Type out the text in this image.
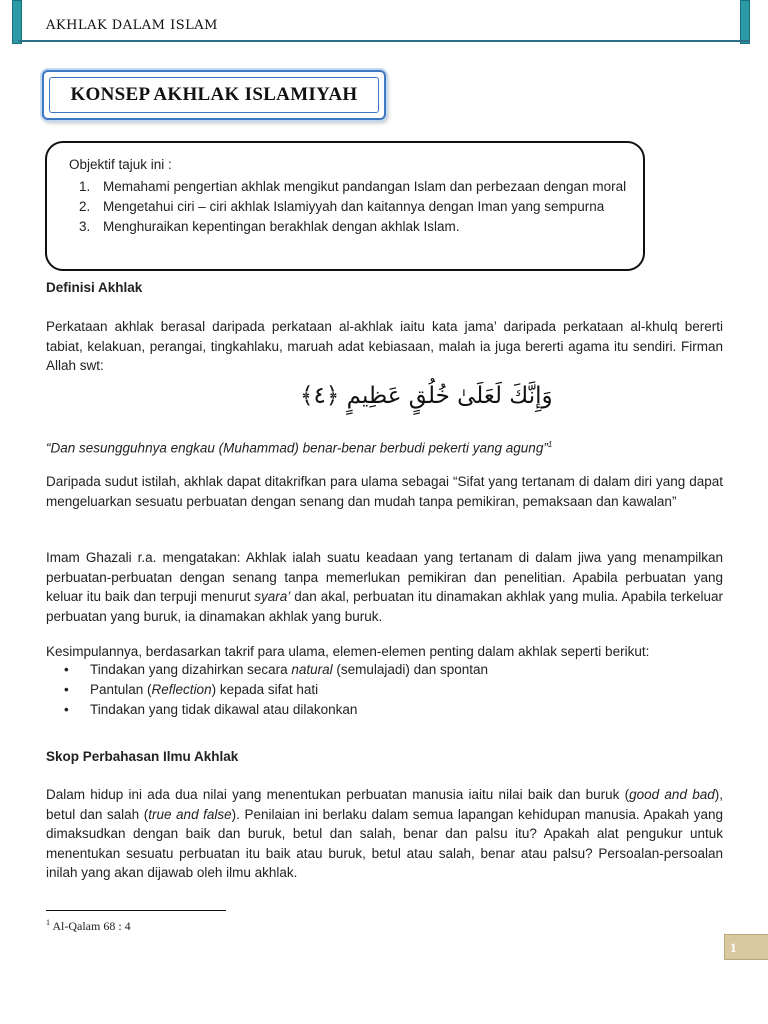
AKHLAK DALAM ISLAM
KONSEP AKHLAK ISLAMIYAH
Objektif tajuk ini :
1. Memahami pengertian akhlak mengikut pandangan Islam dan perbezaan dengan moral
2. Mengetahui ciri – ciri akhlak Islamiyyah dan kaitannya dengan Iman yang sempurna
3. Menghuraikan kepentingan berakhlak dengan akhlak Islam.
Definisi Akhlak
Perkataan akhlak berasal daripada perkataan al-akhlak iaitu kata jama’ daripada perkataan al-khulq bererti tabiat, kelakuan, perangai, tingkahlaku, maruah adat kebiasaan, malah ia juga bererti agama itu sendiri. Firman Allah swt:
وَإِنَّكَ لَعَلَىٰ خُلُقٍ عَظِيمٍ ﴿٤﴾
“Dan sesungguhnya engkau (Muhammad) benar-benar berbudi pekerti yang agung”$^1$
Daripada sudut istilah, akhlak dapat ditakrifkan para ulama sebagai “Sifat yang tertanam di dalam diri yang dapat mengeluarkan sesuatu perbuatan dengan senang dan mudah tanpa pemikiran, pemaksaan dan kawalan”
Imam Ghazali r.a. mengatakan: Akhlak ialah suatu keadaan yang tertanam di dalam jiwa yang menampilkan perbuatan-perbuatan dengan senang tanpa memerlukan pemikiran dan penelitian. Apabila perbuatan yang keluar itu baik dan terpuji menurut syara’ dan akal, perbuatan itu dinamakan akhlak yang mulia. Apabila terkeluar perbuatan yang buruk, ia dinamakan akhlak yang buruk.
Kesimpulannya, berdasarkan takrif para ulama, elemen-elemen penting dalam akhlak seperti berikut:
• Tindakan yang dizahirkan secara natural (semulajadi) dan spontan
• Pantulan (Reflection) kepada sifat hati
• Tindakan yang tidak dikawal atau dilakonkan
Skop Perbahasan Ilmu Akhlak
Dalam hidup ini ada dua nilai yang menentukan perbuatan manusia iaitu nilai baik dan buruk (good and bad), betul dan salah (true and false). Penilaian ini berlaku dalam semua lapangan kehidupan manusia. Apakah yang dimaksudkan dengan baik dan buruk, betul dan salah, benar dan palsu itu? Apakah alat pengukur untuk menentukan sesuatu perbuatan itu baik atau buruk, betul atau salah, benar atau palsu? Persoalan-persoalan inilah yang akan dijawab oleh ilmu akhlak.
$^1$ Al-Qalam 68 : 4
1
